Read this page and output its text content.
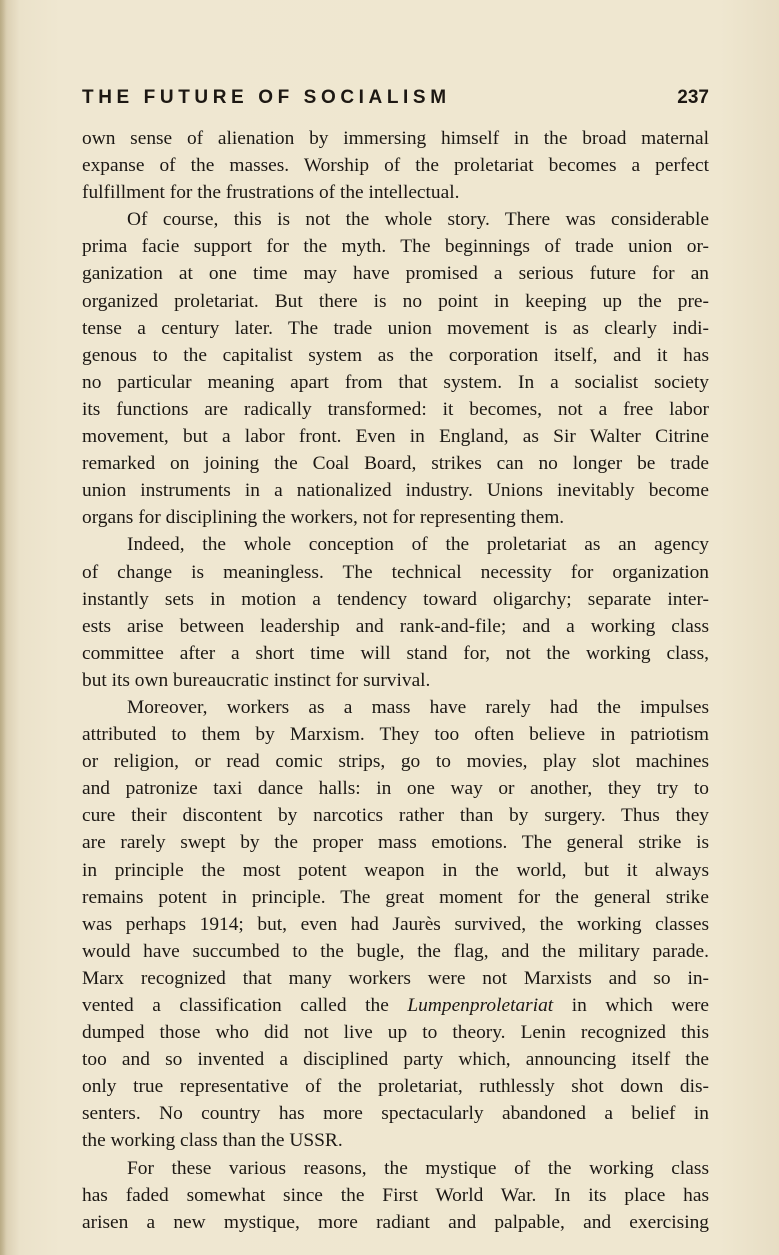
THE FUTURE OF SOCIALISM	237
own sense of alienation by immersing himself in the broad maternal
expanse of the masses. Worship of the proletariat becomes a perfect
fulfillment for the frustrations of the intellectual.
Of course, this is not the whole story. There was considerable
prima facie support for the myth. The beginnings of trade union or-
ganization at one time may have promised a serious future for an
organized proletariat. But there is no point in keeping up the pre-
tense a century later. The trade union movement is as clearly indi-
genous to the capitalist system as the corporation itself, and it has
no particular meaning apart from that system. In a socialist society
its functions are radically transformed: it becomes, not a free labor
movement, but a labor front. Even in England, as Sir Walter Citrine
remarked on joining the Coal Board, strikes can no longer be trade
union instruments in a nationalized industry. Unions inevitably become
organs for disciplining the workers, not for representing them.
Indeed, the whole conception of the proletariat as an agency
of change is meaningless. The technical necessity for organization
instantly sets in motion a tendency toward oligarchy; separate inter-
ests arise between leadership and rank-and-file; and a working class
committee after a short time will stand for, not the working class,
but its own bureaucratic instinct for survival.
Moreover, workers as a mass have rarely had the impulses
attributed to them by Marxism. They too often believe in patriotism
or religion, or read comic strips, go to movies, play slot machines
and patronize taxi dance halls: in one way or another, they try to
cure their discontent by narcotics rather than by surgery. Thus they
are rarely swept by the proper mass emotions. The general strike is
in principle the most potent weapon in the world, but it always
remains potent in principle. The great moment for the general strike
was perhaps 1914; but, even had Jaurès survived, the working classes
would have succumbed to the bugle, the flag, and the military parade.
Marx recognized that many workers were not Marxists and so in-
vented a classification called the Lumpenproletariat in which were
dumped those who did not live up to theory. Lenin recognized this
too and so invented a disciplined party which, announcing itself the
only true representative of the proletariat, ruthlessly shot down dis-
senters. No country has more spectacularly abandoned a belief in
the working class than the USSR.
For these various reasons, the mystique of the working class
has faded somewhat since the First World War. In its place has
arisen a new mystique, more radiant and palpable, and exercising
